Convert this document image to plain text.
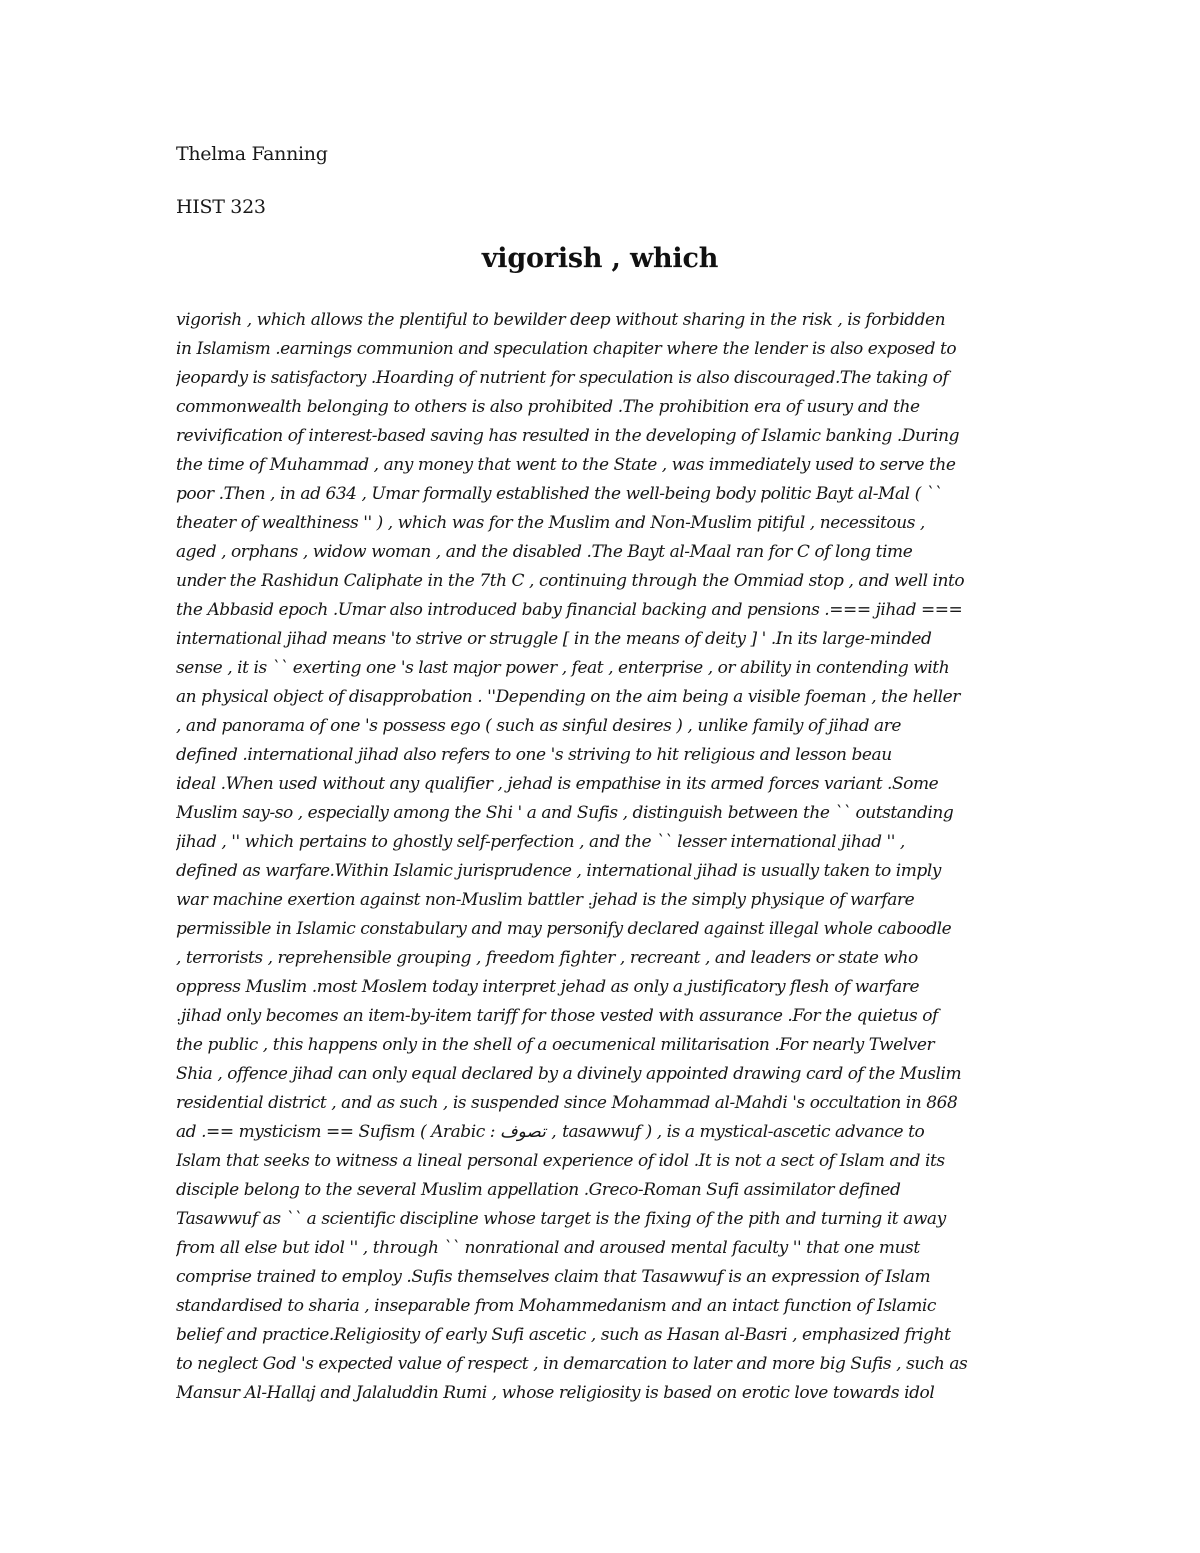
Thelma Fanning

HIST 323

vigorish , which
vigorish , which allows the plentiful to bewilder deep without sharing in the risk , is forbidden
in Islamism .earnings communion and speculation chapiter where the lender is also exposed to
jeopardy is satisfactory .Hoarding of nutrient for speculation is also discouraged.The taking of
commonwealth belonging to others is also prohibited .The prohibition era of usury and the
revivification of interest-based saving has resulted in the developing of Islamic banking .During
the time of Muhammad , any money that went to the State , was immediately used to serve the
poor .Then , in ad 634 , Umar formally established the well-being body politic Bayt al-Mal ( ``
theater of wealthiness '' ) , which was for the Muslim and Non-Muslim pitiful , necessitous ,
aged , orphans , widow woman , and the disabled .The Bayt al-Maal ran for C of long time
under the Rashidun Caliphate in the 7th C , continuing through the Ommiad stop , and well into
the Abbasid epoch .Umar also introduced baby financial backing and pensions .=== jihad ===
international jihad means 'to strive or struggle [ in the means of deity ] ' .In its large-minded
sense , it is `` exerting one 's last major power , feat , enterprise , or ability in contending with
an physical object of disapprobation . ''Depending on the aim being a visible foeman , the heller
, and panorama of one 's possess ego ( such as sinful desires ) , unlike family of jihad are
defined .international jihad also refers to one 's striving to hit religious and lesson beau
ideal .When used without any qualifier , jehad is empathise in its armed forces variant .Some
Muslim say-so , especially among the Shi ' a and Sufis , distinguish between the `` outstanding
jihad , '' which pertains to ghostly self-perfection , and the `` lesser international jihad '' ,
defined as warfare.Within Islamic jurisprudence , international jihad is usually taken to imply
war machine exertion against non-Muslim battler .jehad is the simply physique of warfare
permissible in Islamic constabulary and may personify declared against illegal whole caboodle
, terrorists , reprehensible grouping , freedom fighter , recreant , and leaders or state who
oppress Muslim .most Moslem today interpret jehad as only a justificatory flesh of warfare
.jihad only becomes an item-by-item tariff for those vested with assurance .For the quietus of
the public , this happens only in the shell of a oecumenical militarisation .For nearly Twelver
Shia , offence jihad can only equal declared by a divinely appointed drawing card of the Muslim
residential district , and as such , is suspended since Mohammad al-Mahdi 's occultation in 868
ad .== mysticism == Sufism ( Arabic : تصوف , tasawwuf ) , is a mystical-ascetic advance to
Islam that seeks to witness a lineal personal experience of idol .It is not a sect of Islam and its
disciple belong to the several Muslim appellation .Greco-Roman Sufi assimilator defined
Tasawwuf as `` a scientific discipline whose target is the fixing of the pith and turning it away
from all else but idol '' , through `` nonrational and aroused mental faculty '' that one must
comprise trained to employ .Sufis themselves claim that Tasawwuf is an expression of Islam
standardised to sharia , inseparable from Mohammedanism and an intact function of Islamic
belief and practice.Religiosity of early Sufi ascetic , such as Hasan al-Basri , emphasized fright
to neglect God 's expected value of respect , in demarcation to later and more big Sufis , such as
Mansur Al-Hallaj and Jalaluddin Rumi , whose religiosity is based on erotic love towards idol
